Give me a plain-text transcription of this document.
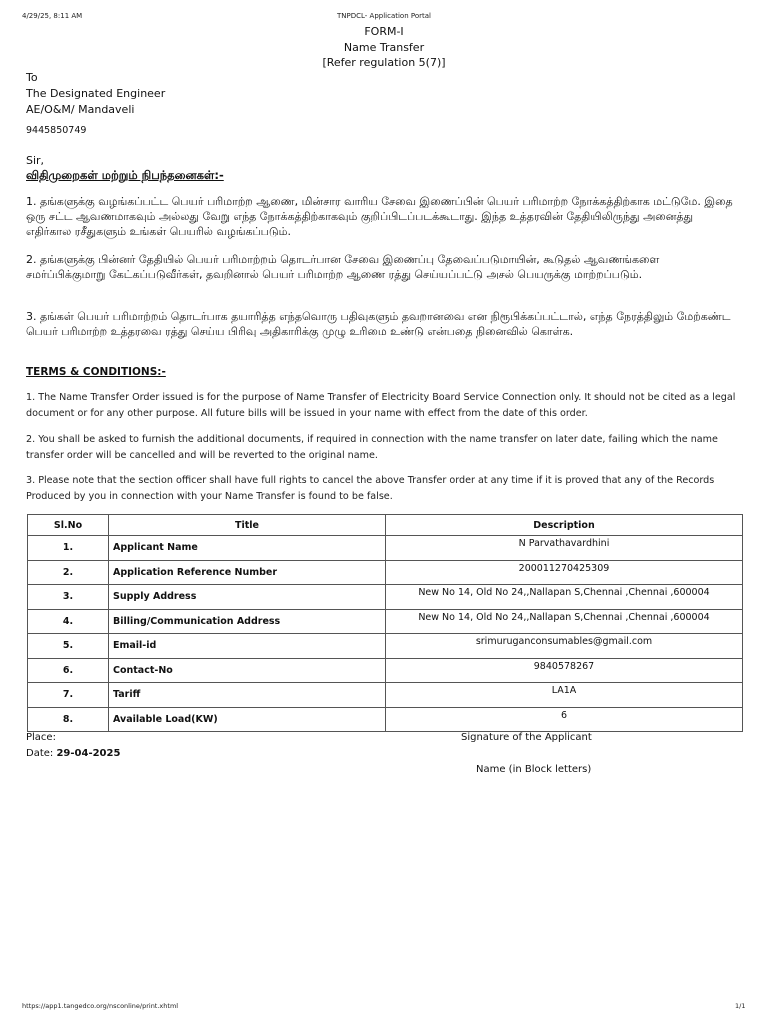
4/29/25, 8:11 AM	TNPDCL- Application Portal
FORM-I
Name Transfer
[Refer regulation 5(7)]
To
The Designated Engineer
AE/O&M/ Mandaveli
9445850749
Sir,
விதிமுறைகள் மற்றும் நிபந்தனைகள்:-

1. தங்களுக்கு வழங்கப்பட்ட பெயர் பரிமாற்ற ஆணை, மின்சார வாரிய சேவை இணைப்பின் பெயர் பரிமாற்ற நோக்கத்திற்காக மட்டுமே. இதை ஒரு சட்ட ஆவணமாகவும் அல்லது வேறு எந்த நோக்கத்திற்காகவும் குறிப்பிடப்படக்கூடாது. இந்த உத்தரவின் தேதியிலிருந்து அனைத்து எதிர்கால ரசீதுகளும் உங்கள் பெயரில் வழங்கப்படும்.

2. தங்களுக்கு பின்னர் தேதியில் பெயர் பரிமாற்றம் தொடர்பான சேவை இணைப்பு தேவைப்படுமாயின், கூடுதல் ஆவணங்களை சமர்ப்பிக்குமாறு கேட்கப்படுவீர்கள், தவறினால் பெயர் பரிமாற்ற ஆணை ரத்து செய்யப்பட்டு அசல் பெயருக்கு மாற்றப்படும்.

3. தங்கள் பெயர் பரிமாற்றம் தொடர்பாக தயாரித்த எந்தவொரு பதிவுகளும் தவறானவை என நிரூபிக்கப்பட்டால், எந்த நேரத்திலும் மேற்கண்ட பெயர் பரிமாற்ற உத்தரவை ரத்து செய்ய பிரிவு அதிகாரிக்கு முழு உரிமை உண்டு என்பதை நினைவில் கொள்க.

TERMS & CONDITIONS:-

1. The Name Transfer Order issued is for the purpose of Name Transfer of Electricity Board Service Connection only. It should not be cited as a legal document or for any other purpose. All future bills will be issued in your name with effect from the date of this order.

2. You shall be asked to furnish the additional documents, if required in connection with the name transfer on later date, failing which the name transfer order will be cancelled and will be reverted to the original name.

3. Please note that the section officer shall have full rights to cancel the above Transfer order at any time if it is proved that any of the Records Produced by you in connection with your Name Transfer is found to be false.

Sl.No	Title	Description
1.	Applicant Name	N Parvathavardhini
2.	Application Reference Number	200011270425309
3.	Supply Address	New No 14, Old No 24,,Nallapan S,Chennai ,Chennai ,600004
4.	Billing/Communication Address	New No 14, Old No 24,,Nallapan S,Chennai ,Chennai ,600004
5.	Email-id	srimuruganconsumables@gmail.com
6.	Contact-No	9840578267
7.	Tariff	LA1A
8.	Available Load(KW)	6
Place:
Date: 29-04-2025
Signature of the Applicant
Name (in Block letters)
https://app1.tangedco.org/nsconline/print.xhtml	1/1
